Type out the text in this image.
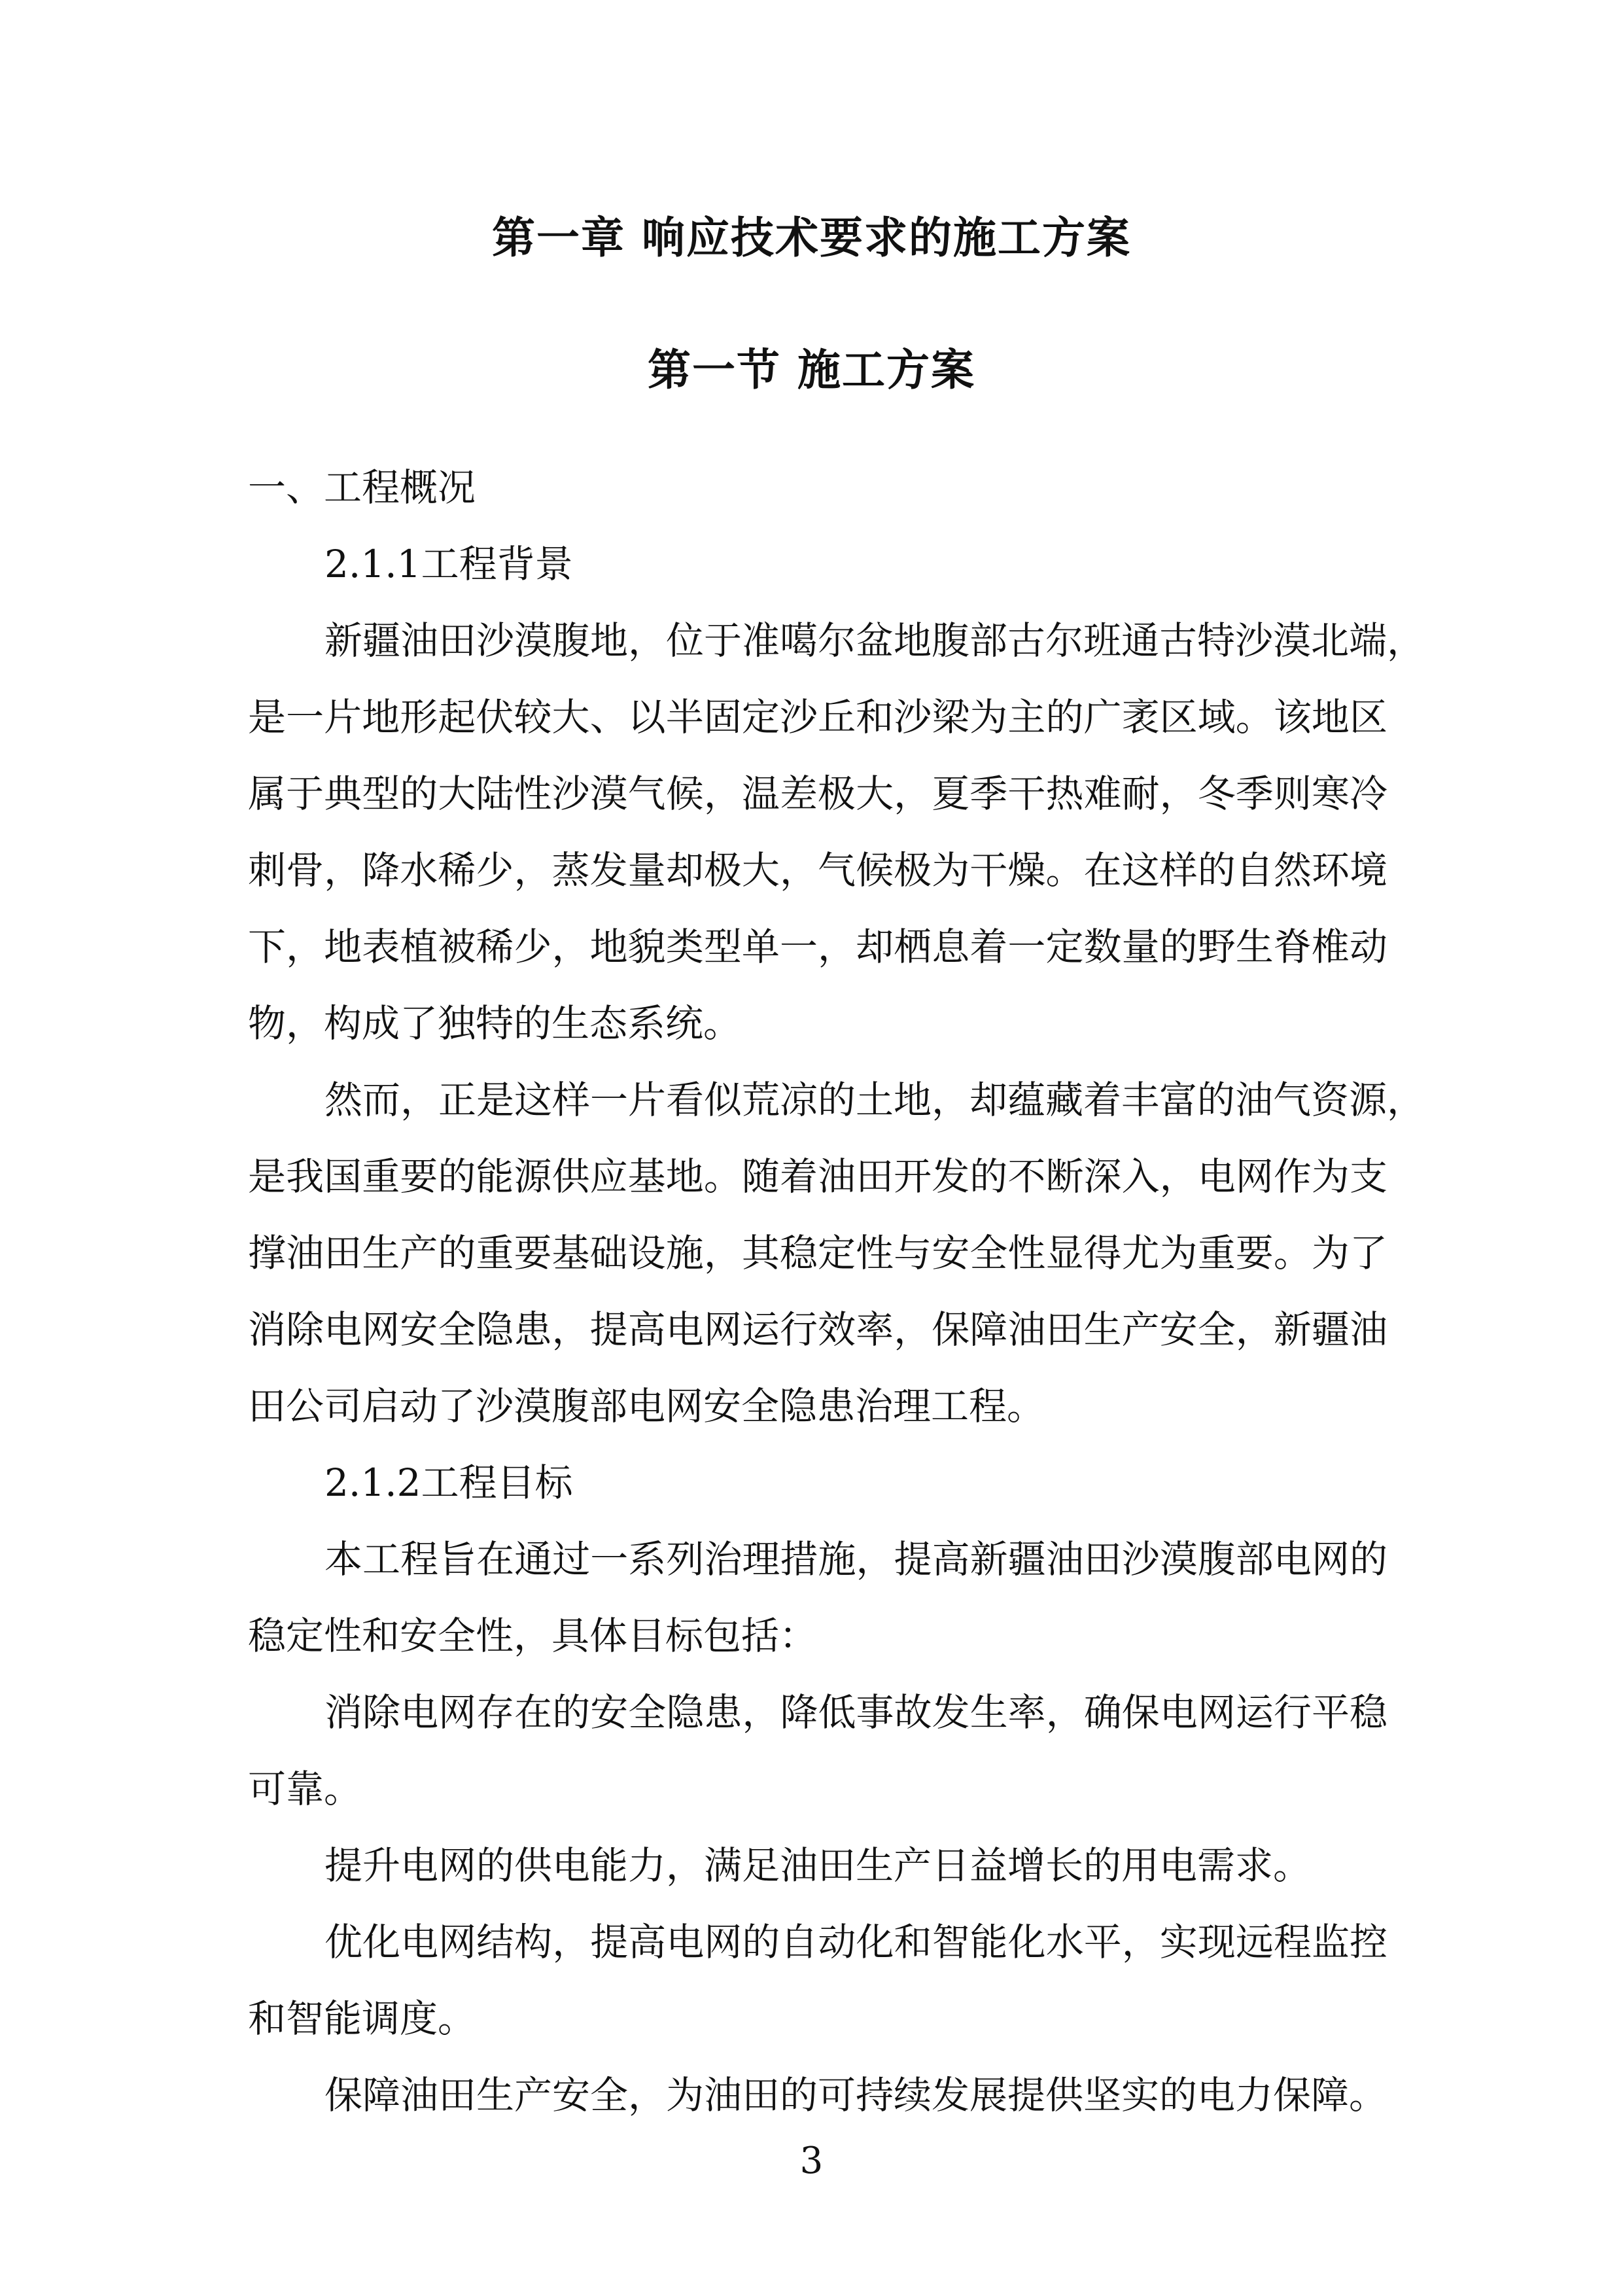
第一章 响应技术要求的施工方案
第一节 施工方案
一、工程概况
2.1.1工程背景
新疆油田沙漠腹地，位于准噶尔盆地腹部古尔班通古特沙漠北端，
是一片地形起伏较大、以半固定沙丘和沙梁为主的广袤区域。该地区
属于典型的大陆性沙漠气候，温差极大，夏季干热难耐，冬季则寒冷
刺骨，降水稀少，蒸发量却极大，气候极为干燥。在这样的自然环境
下，地表植被稀少，地貌类型单一，却栖息着一定数量的野生脊椎动
物，构成了独特的生态系统。
然而，正是这样一片看似荒凉的土地，却蕴藏着丰富的油气资源，
是我国重要的能源供应基地。随着油田开发的不断深入，电网作为支
撑油田生产的重要基础设施，其稳定性与安全性显得尤为重要。为了
消除电网安全隐患，提高电网运行效率，保障油田生产安全，新疆油
田公司启动了沙漠腹部电网安全隐患治理工程。
2.1.2工程目标
本工程旨在通过一系列治理措施，提高新疆油田沙漠腹部电网的
稳定性和安全性，具体目标包括：
消除电网存在的安全隐患，降低事故发生率，确保电网运行平稳
可靠。
提升电网的供电能力，满足油田生产日益增长的用电需求。
优化电网结构，提高电网的自动化和智能化水平，实现远程监控
和智能调度。
保障油田生产安全，为油田的可持续发展提供坚实的电力保障。
3
